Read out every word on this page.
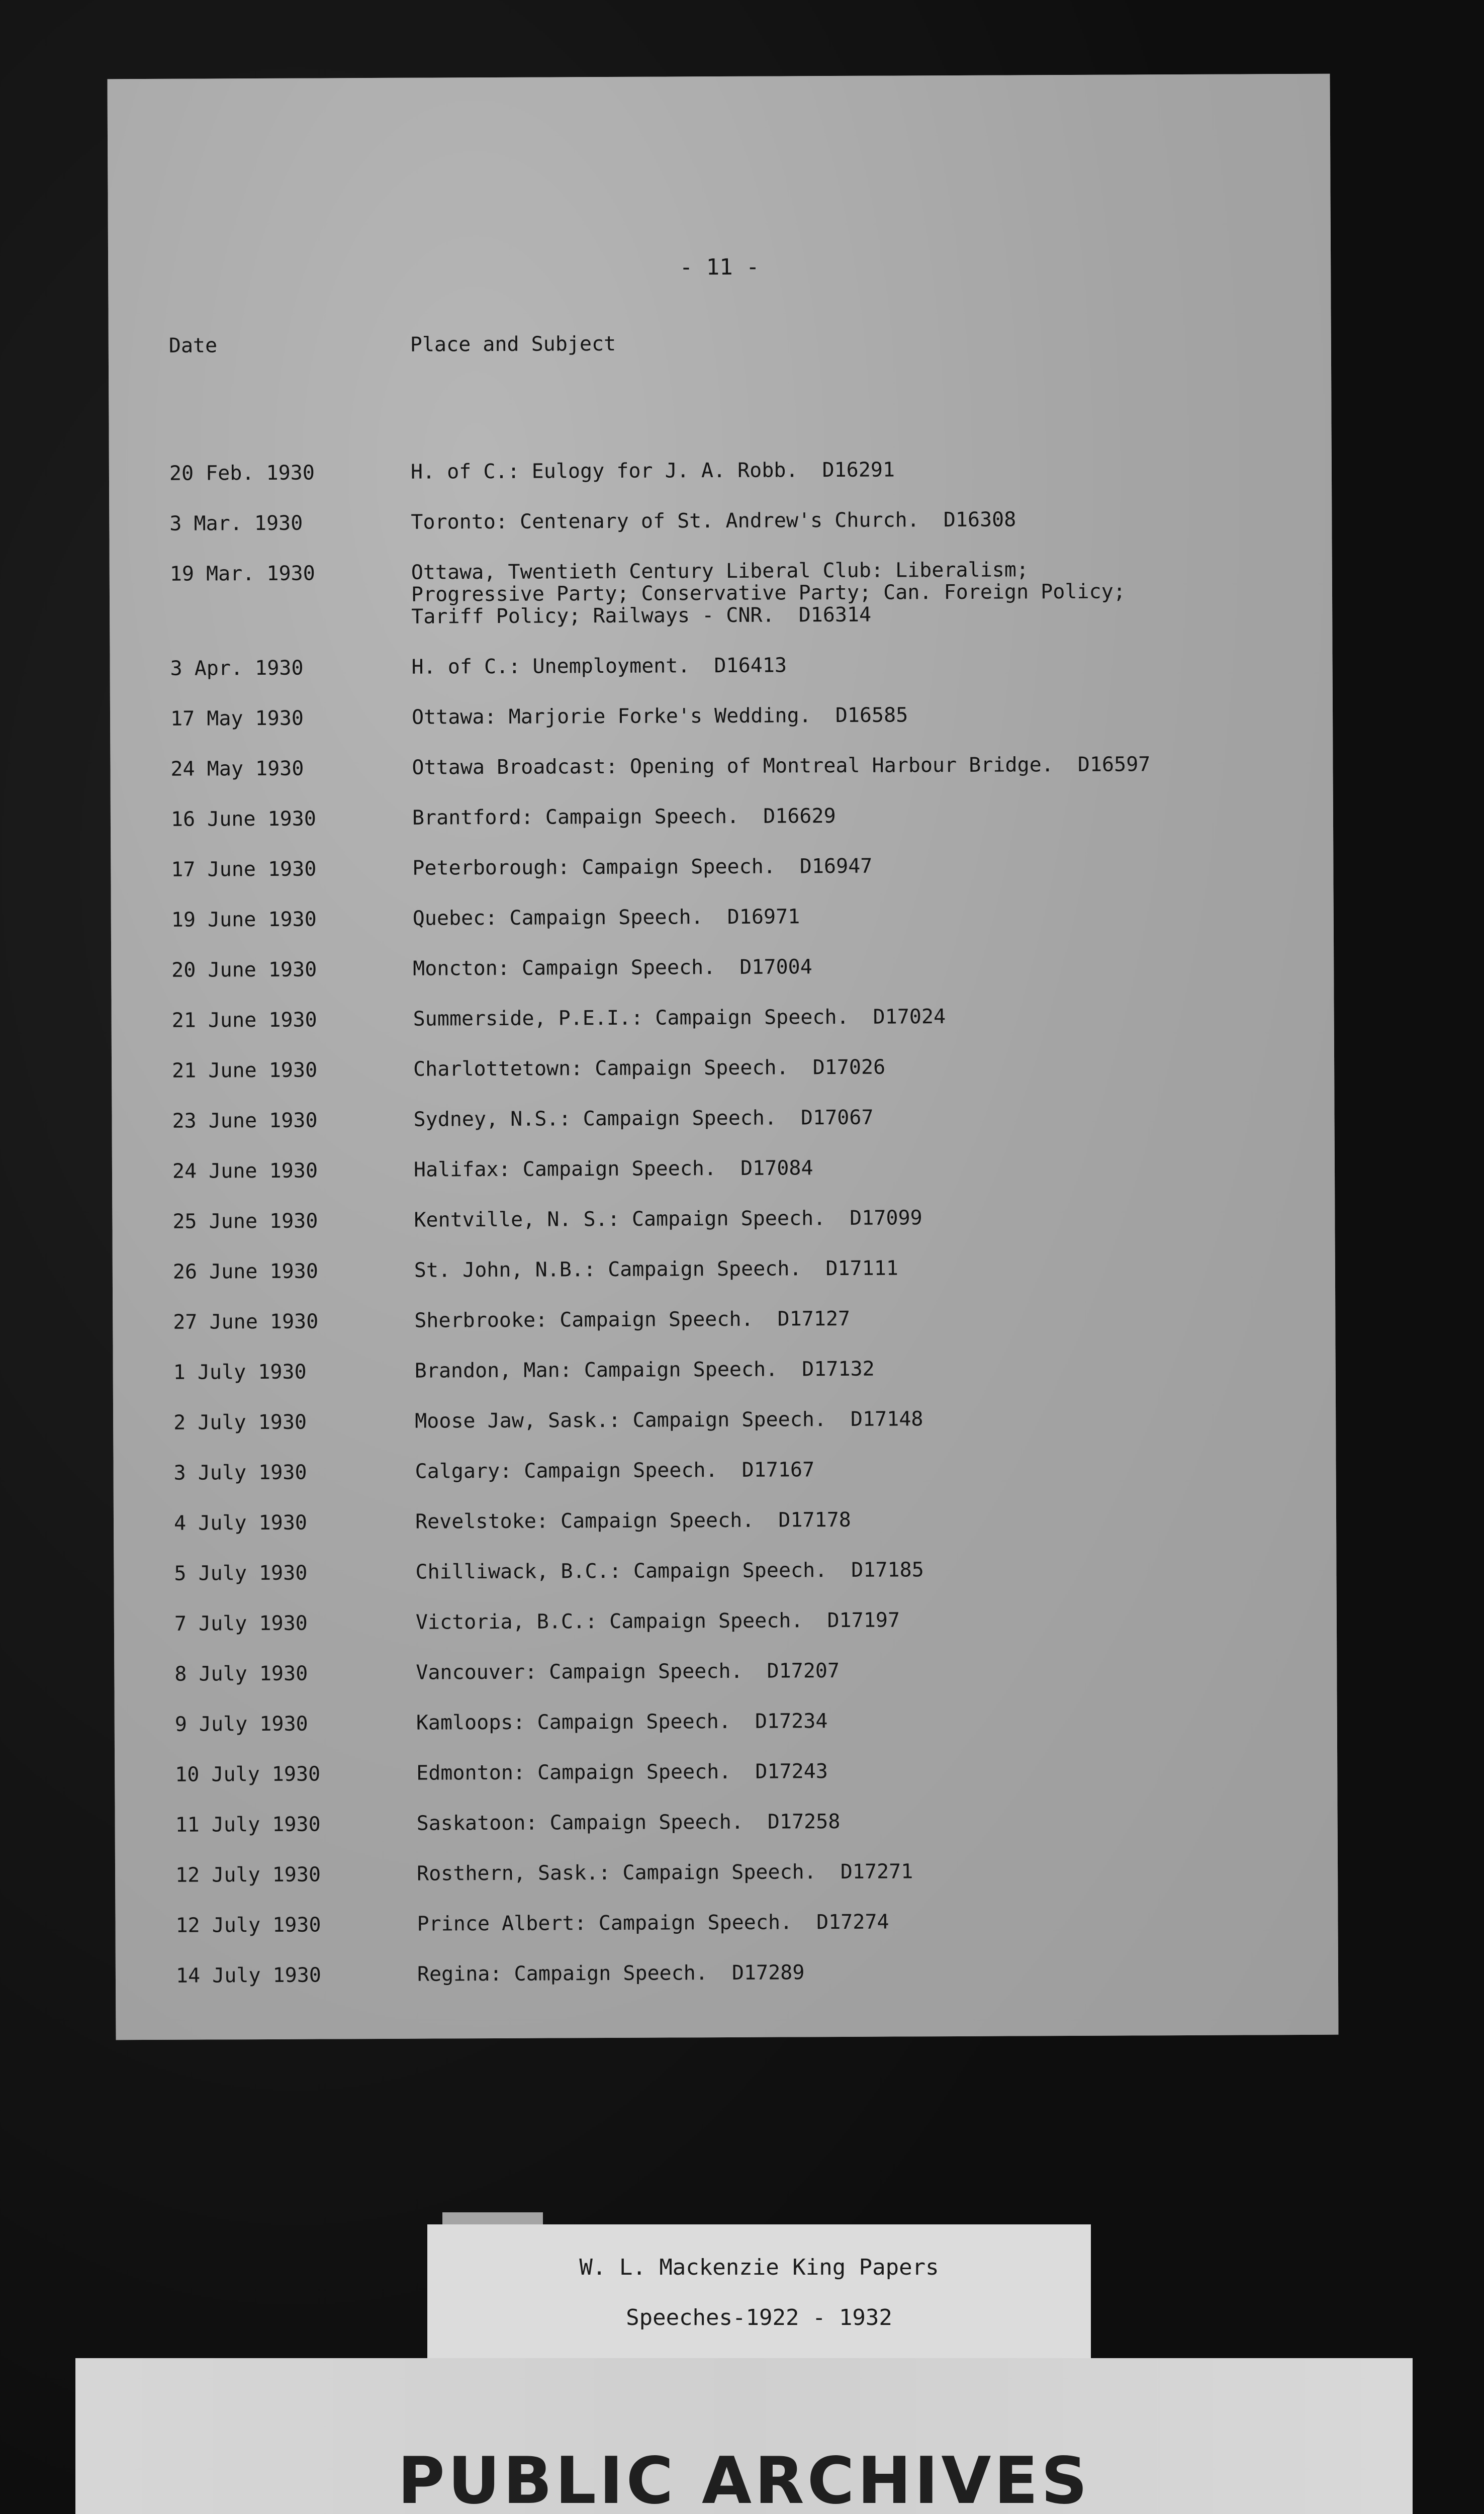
- 11 -
Date	Place and Subject
20 Feb. 1930	H. of C.: Eulogy for J. A. Robb. D16291
3 Mar. 1930	Toronto: Centenary of St. Andrew's Church. D16308
19 Mar. 1930	Ottawa, Twentieth Century Liberal Club: Liberalism;
Progressive Party; Conservative Party; Can. Foreign Policy;
Tariff Policy; Railways - CNR. D16314
3 Apr. 1930	H. of C.: Unemployment. D16413
17 May 1930	Ottawa: Marjorie Forke's Wedding. D16585
24 May 1930	Ottawa Broadcast: Opening of Montreal Harbour Bridge. D16597
16 June 1930	Brantford: Campaign Speech. D16629
17 June 1930	Peterborough: Campaign Speech. D16947
19 June 1930	Quebec: Campaign Speech. D16971
20 June 1930	Moncton: Campaign Speech. D17004
21 June 1930	Summerside, P.E.I.: Campaign Speech. D17024
21 June 1930	Charlottetown: Campaign Speech. D17026
23 June 1930	Sydney, N.S.: Campaign Speech. D17067
24 June 1930	Halifax: Campaign Speech. D17084
25 June 1930	Kentville, N. S.: Campaign Speech. D17099
26 June 1930	St. John, N.B.: Campaign Speech. D17111
27 June 1930	Sherbrooke: Campaign Speech. D17127
1 July 1930	Brandon, Man: Campaign Speech. D17132
2 July 1930	Moose Jaw, Sask.: Campaign Speech. D17148
3 July 1930	Calgary: Campaign Speech. D17167
4 July 1930	Revelstoke: Campaign Speech. D17178
5 July 1930	Chilliwack, B.C.: Campaign Speech. D17185
7 July 1930	Victoria, B.C.: Campaign Speech. D17197
8 July 1930	Vancouver: Campaign Speech. D17207
9 July 1930	Kamloops: Campaign Speech. D17234
10 July 1930	Edmonton: Campaign Speech. D17243
11 July 1930	Saskatoon: Campaign Speech. D17258
12 July 1930	Rosthern, Sask.: Campaign Speech. D17271
12 July 1930	Prince Albert: Campaign Speech. D17274
14 July 1930	Regina: Campaign Speech. D17289
W. L. Mackenzie King Papers
Speeches-1922 - 1932
PUBLIC ARCHIVES
